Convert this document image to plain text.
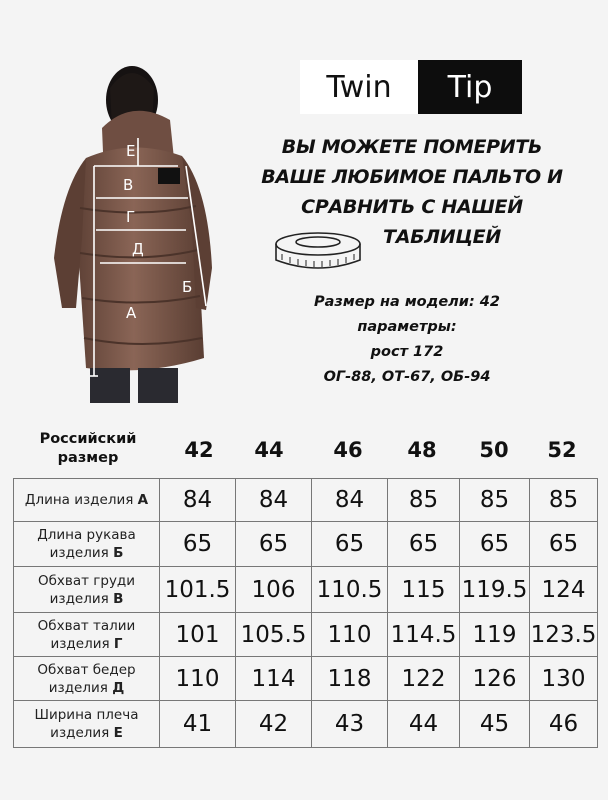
Е
В
Г
Д
Б
А
Twin	Tip
ВЫ МОЖЕТЕ ПОМЕРИТЬ
ВАШЕ ЛЮБИМОЕ ПАЛЬТО И
СРАВНИТЬ С НАШЕЙ
ТАБЛИЦЕЙ
Размер на модели: 42
параметры:
рост 172
ОГ-88, ОТ-67, ОБ-94
Российский размер	42	44	46	48	50	52
Длина изделия А	84	84	84	85	85	85
Длина рукава изделия Б	65	65	65	65	65	65
Обхват груди изделия В	101.5	106	110.5	115	119.5	124
Обхват талии изделия Г	101	105.5	110	114.5	119	123.5
Обхват бедер изделия Д	110	114	118	122	126	130
Ширина плеча изделия Е	41	42	43	44	45	46
